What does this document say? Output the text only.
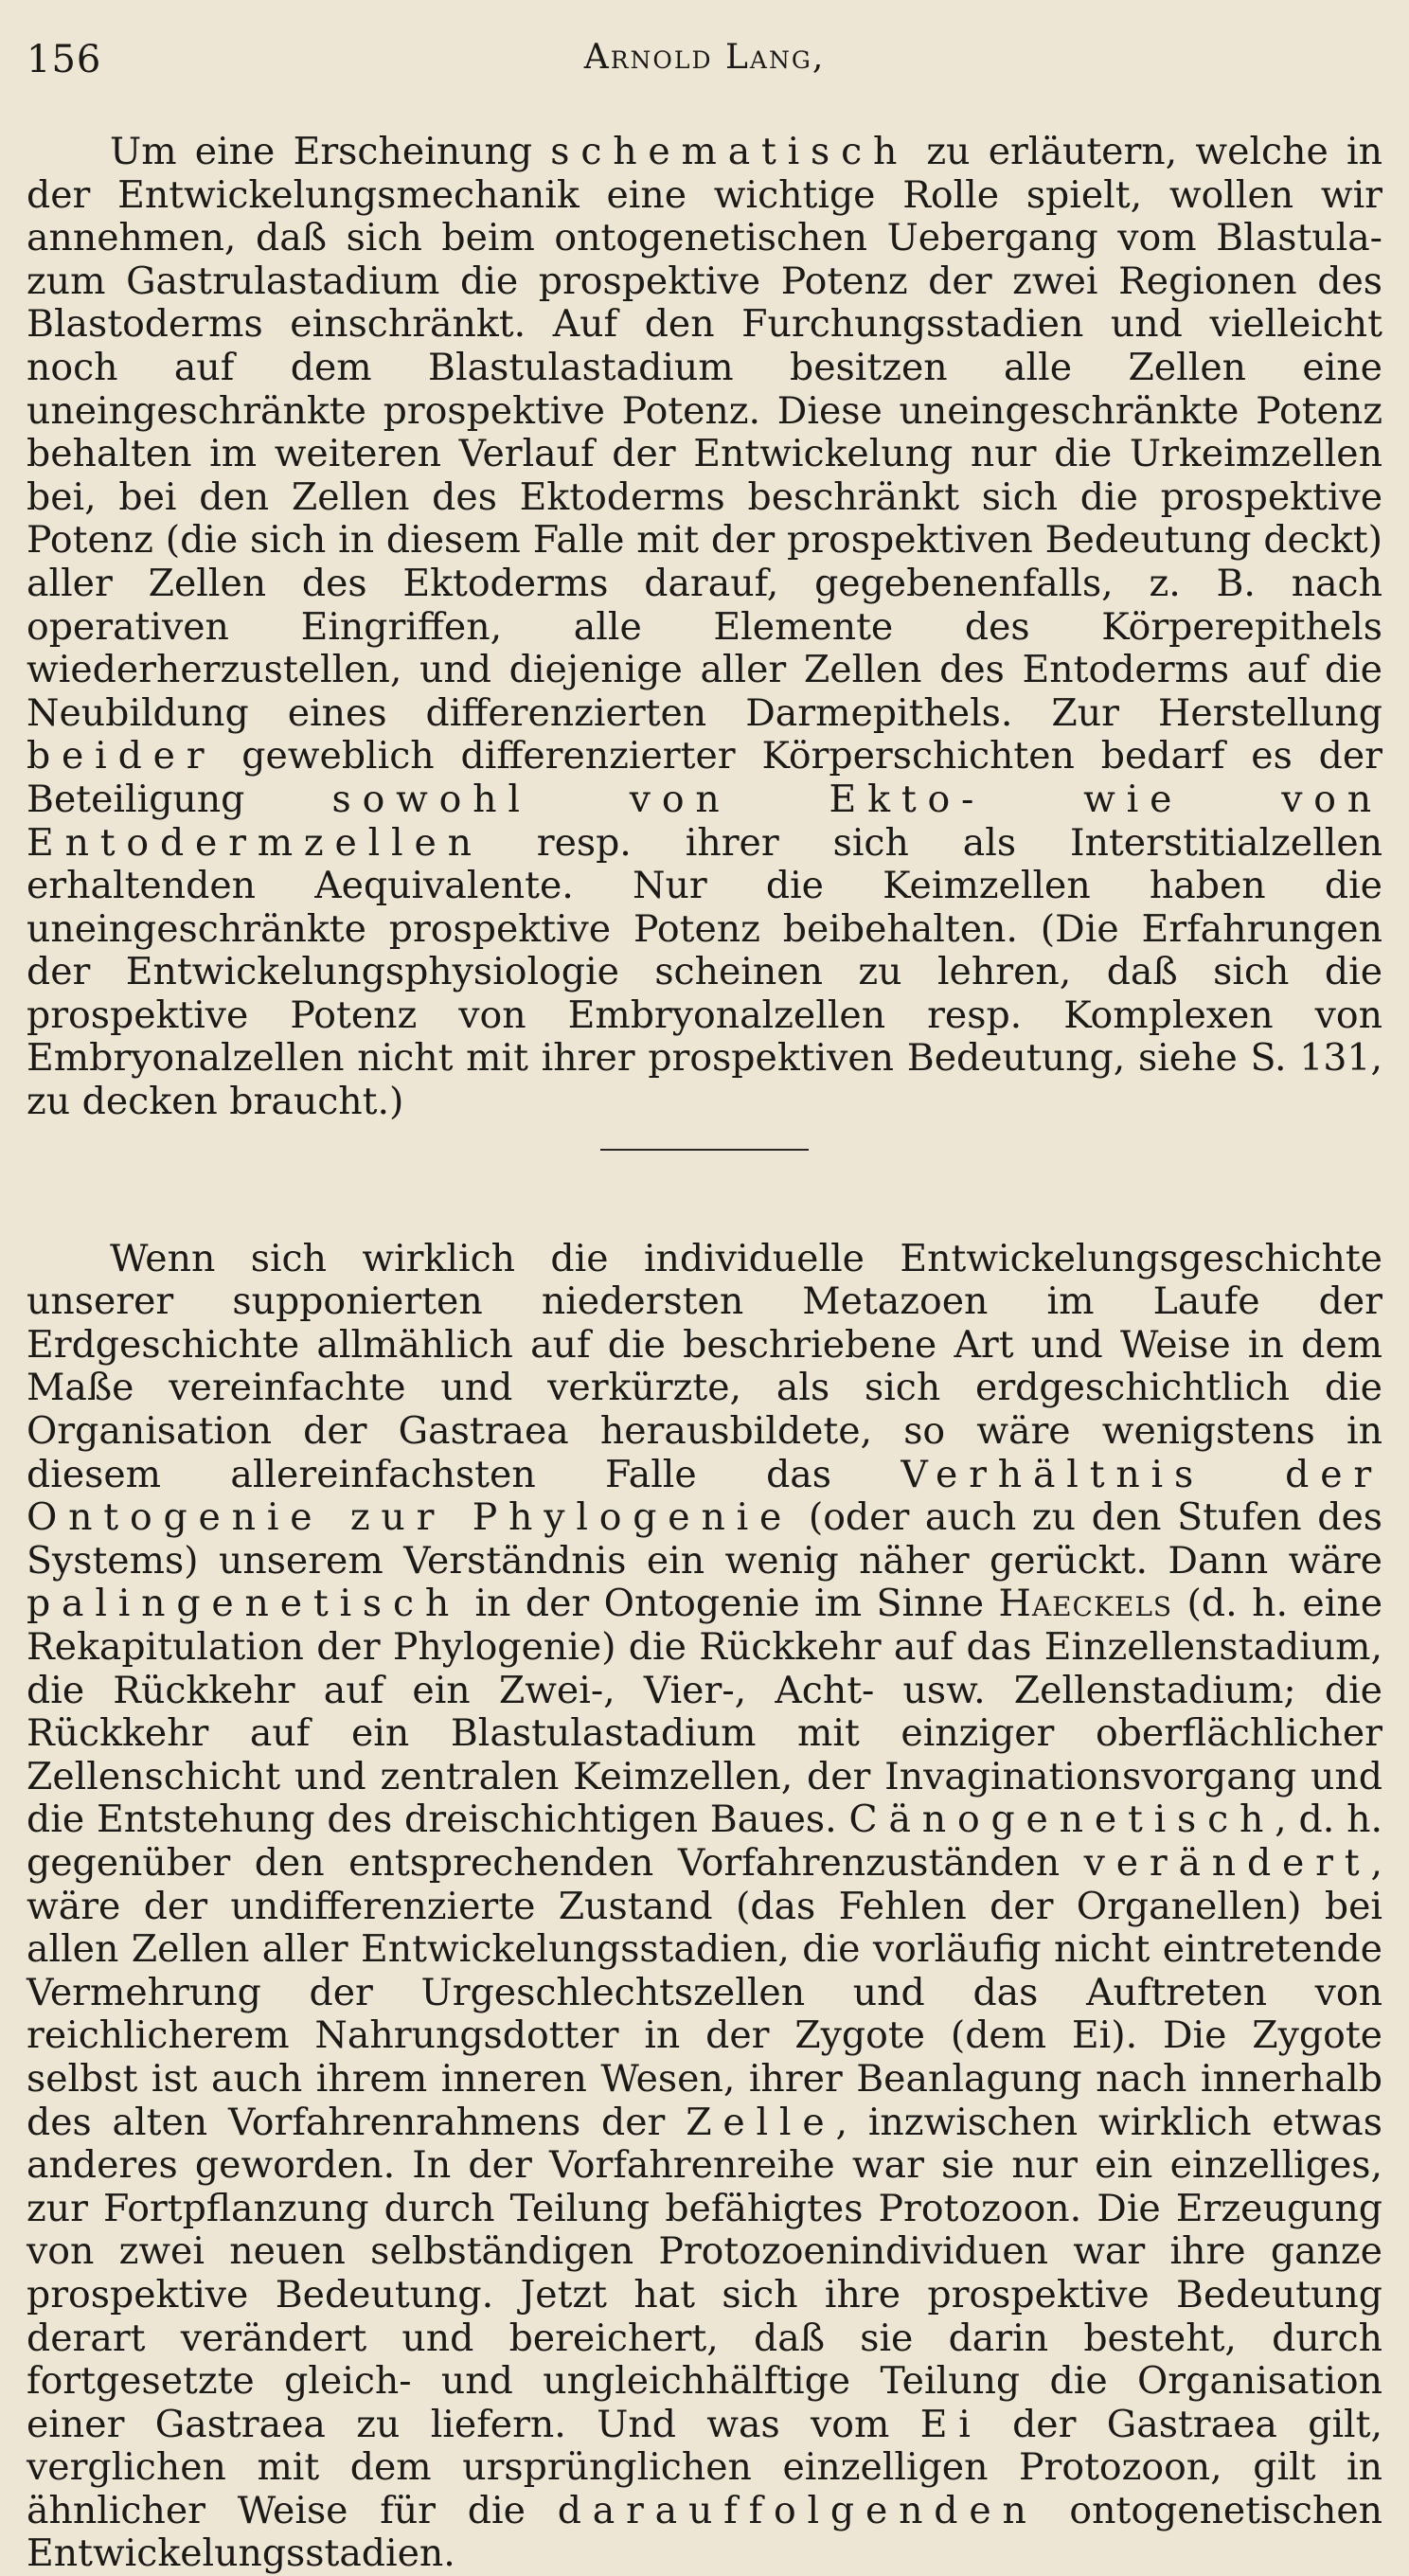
156	Arnold Lang,

Um eine Erscheinung schematisch zu erläutern, welche in der Entwickelungsmechanik eine wichtige Rolle spielt, wollen wir annehmen, daß sich beim ontogenetischen Uebergang vom Blastula- zum Gastrulastadium die prospektive Potenz der zwei Regionen des Blastoderms einschränkt. Auf den Furchungsstadien und vielleicht noch auf dem Blastulastadium besitzen alle Zellen eine uneingeschränkte prospektive Potenz. Diese uneingeschränkte Potenz behalten im weiteren Verlauf der Entwickelung nur die Urkeimzellen bei, bei den Zellen des Ektoderms beschränkt sich die prospektive Potenz (die sich in diesem Falle mit der prospektiven Bedeutung deckt) aller Zellen des Ektoderms darauf, gegebenenfalls, z. B. nach operativen Eingriffen, alle Elemente des Körperepithels wiederherzustellen, und diejenige aller Zellen des Entoderms auf die Neubildung eines differenzierten Darmepithels. Zur Herstellung beider geweblich differenzierter Körperschichten bedarf es der Beteiligung sowohl von Ekto- wie von Entodermzellen resp. ihrer sich als Interstitialzellen erhaltenden Aequivalente. Nur die Keimzellen haben die uneingeschränkte prospektive Potenz beibehalten. (Die Erfahrungen der Entwickelungsphysiologie scheinen zu lehren, daß sich die prospektive Potenz von Embryonalzellen resp. Komplexen von Embryonalzellen nicht mit ihrer prospektiven Bedeutung, siehe S. 131, zu decken braucht.)

Wenn sich wirklich die individuelle Entwickelungsgeschichte unserer supponierten niedersten Metazoen im Laufe der Erdgeschichte allmählich auf die beschriebene Art und Weise in dem Maße vereinfachte und verkürzte, als sich erdgeschichtlich die Organisation der Gastraea herausbildete, so wäre wenigstens in diesem allereinfachsten Falle das Verhältnis der Ontogenie zur Phylogenie (oder auch zu den Stufen des Systems) unserem Verständnis ein wenig näher gerückt. Dann wäre palingenetisch in der Ontogenie im Sinne Haeckels (d. h. eine Rekapitulation der Phylogenie) die Rückkehr auf das Einzellenstadium, die Rückkehr auf ein Zwei-, Vier-, Acht- usw. Zellenstadium; die Rückkehr auf ein Blastulastadium mit einziger oberflächlicher Zellenschicht und zentralen Keimzellen, der Invaginationsvorgang und die Entstehung des dreischichtigen Baues. Cänogenetisch, d. h. gegenüber den entsprechenden Vorfahrenzuständen verändert, wäre der undifferenzierte Zustand (das Fehlen der Organellen) bei allen Zellen aller Entwickelungsstadien, die vorläufig nicht eintretende Vermehrung der Urgeschlechtszellen und das Auftreten von reichlicherem Nahrungsdotter in der Zygote (dem Ei). Die Zygote selbst ist auch ihrem inneren Wesen, ihrer Beanlagung nach innerhalb des alten Vorfahrenrahmens der Zelle, inzwischen wirklich etwas anderes geworden. In der Vorfahrenreihe war sie nur ein einzelliges, zur Fortpflanzung durch Teilung befähigtes Protozoon. Die Erzeugung von zwei neuen selbständigen Protozoenindividuen war ihre ganze prospektive Bedeutung. Jetzt hat sich ihre prospektive Bedeutung derart verändert und bereichert, daß sie darin besteht, durch fortgesetzte gleich- und ungleichhälftige Teilung die Organisation einer Gastraea zu liefern. Und was vom Ei der Gastraea gilt, verglichen mit dem ursprünglichen einzelligen Protozoon, gilt in ähnlicher Weise für die darauffolgenden ontogenetischen Entwickelungsstadien.
